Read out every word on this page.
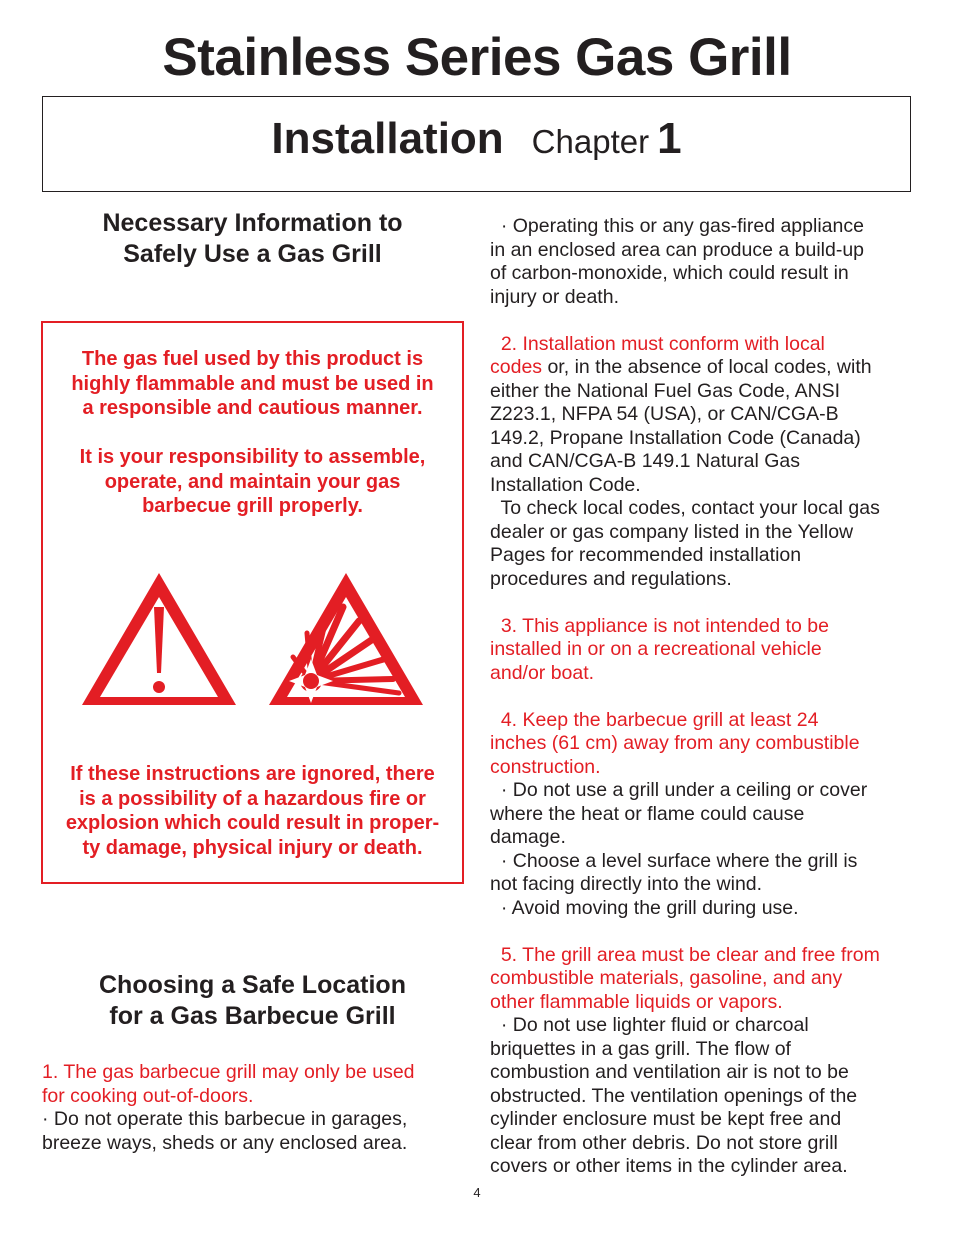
Stainless Series Gas Grill
Installation Chapter 1
Necessary Information to
Safely Use a Gas Grill

The gas fuel used by this product is
highly flammable and must be used in
a responsible and cautious manner.

It is your responsibility to assemble,
operate, and maintain your gas
barbecue grill properly.

If these instructions are ignored, there
is a possibility of a hazardous fire or
explosion which could result in proper-
ty damage, physical injury or death.

Choosing a Safe Location
for a Gas Barbecue Grill

1. The gas barbecue grill may only be used
for cooking out-of-doors.

· Do not operate this barbecue in garages,
breeze ways, sheds or any enclosed area.

· Operating this or any gas-fired appliance
in an enclosed area can produce a build-up
of carbon-monoxide, which could result in
injury or death.

2. Installation must conform with local
codes or, in the absence of local codes, with
either the National Fuel Gas Code, ANSI
Z223.1, NFPA 54 (USA), or CAN/CGA-B
149.2, Propane Installation Code (Canada)
and CAN/CGA-B 149.1 Natural Gas
Installation Code.
To check local codes, contact your local gas
dealer or gas company listed in the Yellow
Pages for recommended installation
procedures and regulations.

3. This appliance is not intended to be
installed in or on a recreational vehicle
and/or boat.

4. Keep the barbecue grill at least 24
inches (61 cm) away from any combustible
construction.

· Do not use a grill under a ceiling or cover
where the heat or flame could cause
damage.
· Choose a level surface where the grill is
not facing directly into the wind.
· Avoid moving the grill during use.

5. The grill area must be clear and free from
combustible materials, gasoline, and any
other flammable liquids or vapors.

· Do not use lighter fluid or charcoal
briquettes in a gas grill. The flow of
combustion and ventilation air is not to be
obstructed. The ventilation openings of the
cylinder enclosure must be kept free and
clear from other debris. Do not store grill
covers or other items in the cylinder area.

4
